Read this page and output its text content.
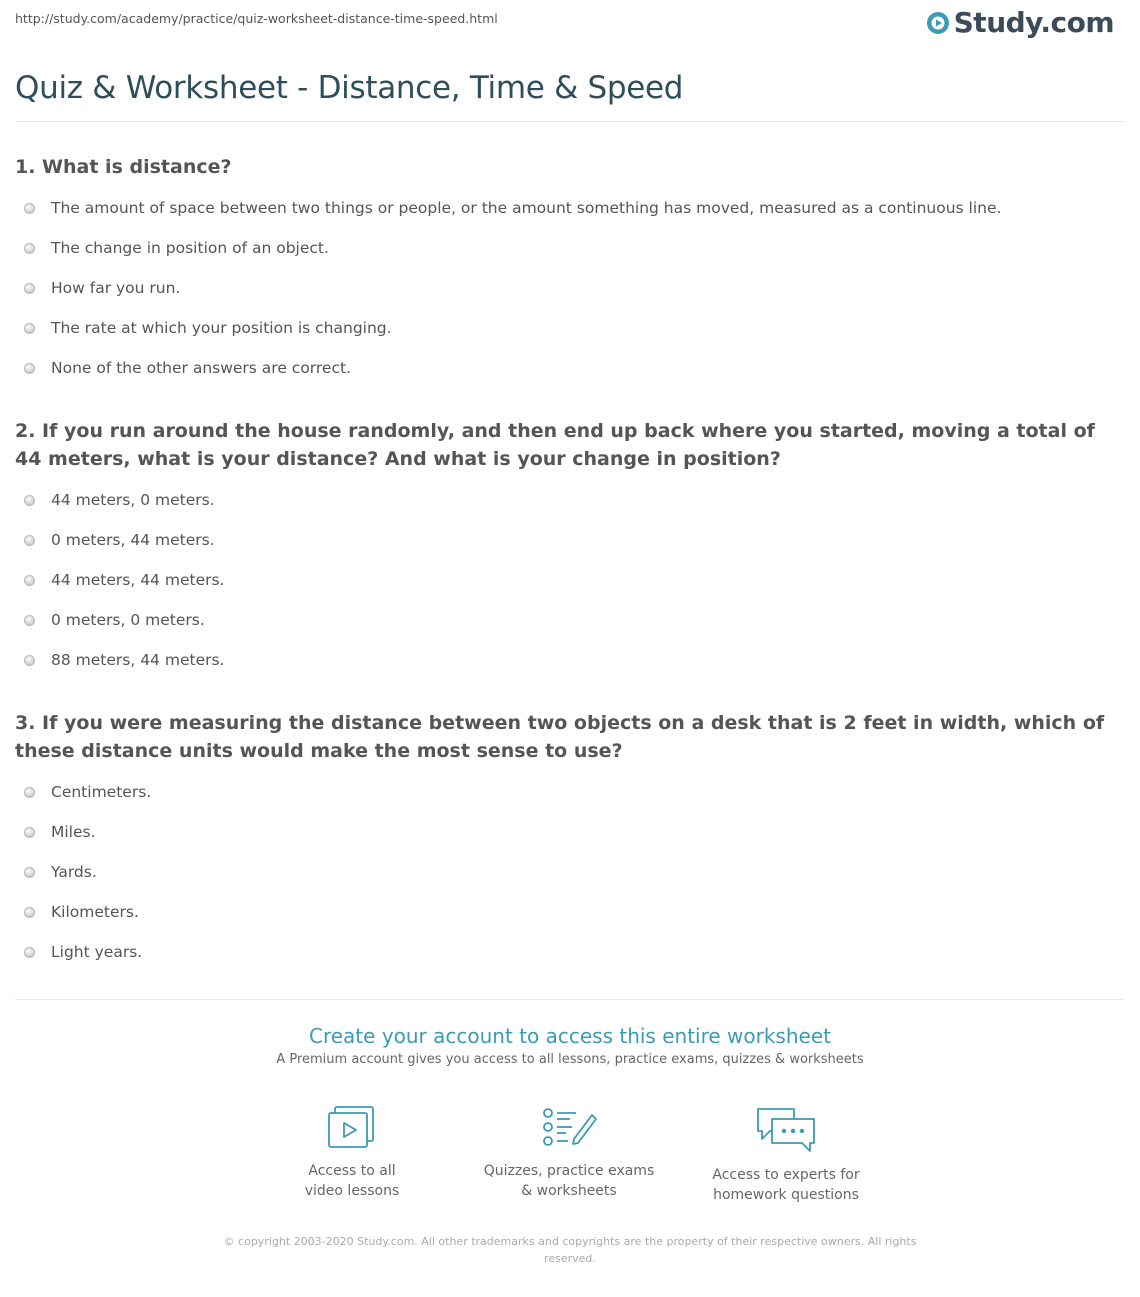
http://study.com/academy/practice/quiz-worksheet-distance-time-speed.html	Study.com
Quiz & Worksheet - Distance, Time & Speed
1. What is distance?
The amount of space between two things or people, or the amount something has moved, measured as a continuous line.
The change in position of an object.
How far you run.
The rate at which your position is changing.
None of the other answers are correct.
2. If you run around the house randomly, and then end up back where you started, moving a total of 44 meters, what is your distance? And what is your change in position?
44 meters, 0 meters.
0 meters, 44 meters.
44 meters, 44 meters.
0 meters, 0 meters.
88 meters, 44 meters.
3. If you were measuring the distance between two objects on a desk that is 2 feet in width, which of these distance units would make the most sense to use?
Centimeters.
Miles.
Yards.
Kilometers.
Light years.
Create your account to access this entire worksheet
A Premium account gives you access to all lessons, practice exams, quizzes & worksheets
Access to all
video lessons
Quizzes, practice exams
& worksheets
Access to experts for
homework questions
© copyright 2003-2020 Study.com. All other trademarks and copyrights are the property of their respective owners. All rights reserved.
